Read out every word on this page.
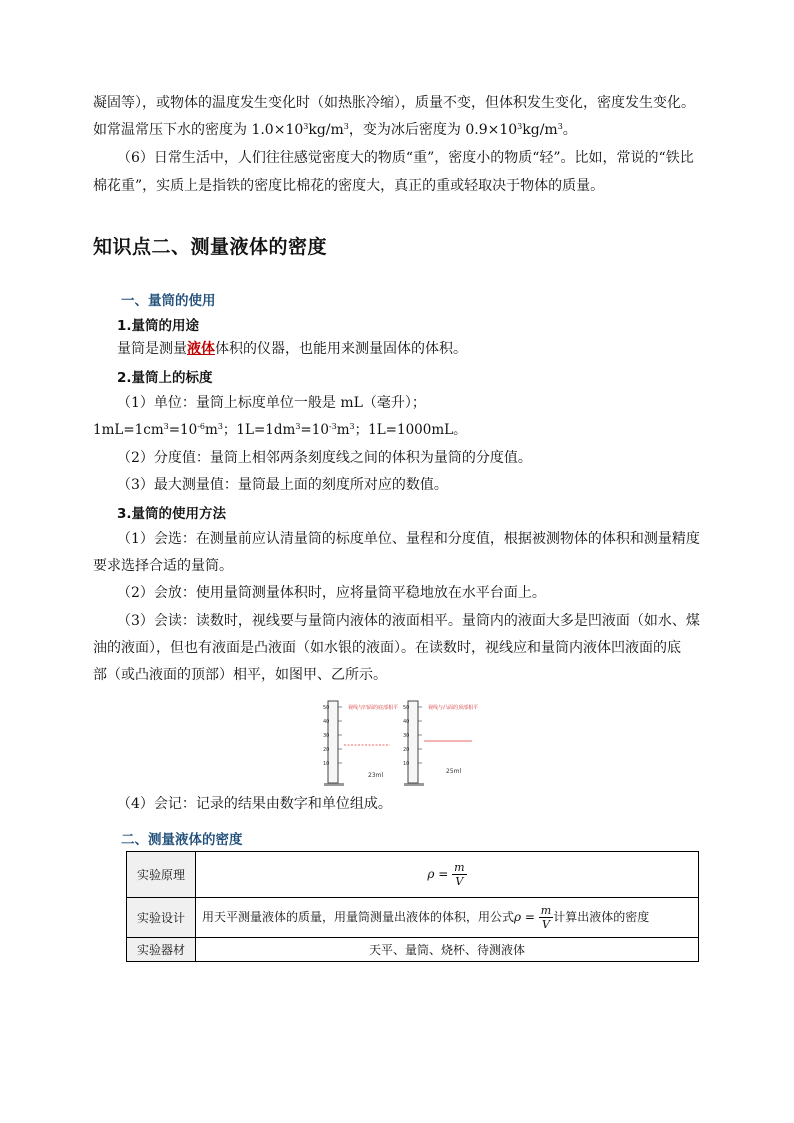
凝固等），或物体的温度发生变化时（如热胀冷缩），质量不变，但体积发生变化，密度发生变化。
如常温常压下水的密度为 $1.0\times 10^3kg/m^3$，变为冰后密度为 $0.9\times 10^3kg/m^3$。
（6）日常生活中，人们往往感觉密度大的物质“重”，密度小的物质“轻”。比如，常说的“铁比
棉花重”，实质上是指铁的密度比棉花的密度大，真正的重或轻取决于物体的质量。
知识点二、测量液体的密度
一、量筒的使用
1.量筒的用途
量筒是测量液体体积的仪器，也能用来测量固体的体积。
2.量筒上的标度
（1）单位：量筒上标度单位一般是 mL（毫升）；
$1mL=1cm^3=10^{-6}m^3$；$1L=1dm^3=10^{-3}m^3$；1L=1000mL。
（2）分度值：量筒上相邻两条刻度线之间的体积为量筒的分度值。
（3）最大测量值：量筒最上面的刻度所对应的数值。
3.量筒的使用方法
（1）会选：在测量前应认清量筒的标度单位、量程和分度值，根据被测物体的体积和测量精度
要求选择合适的量筒。
（2）会放：使用量筒测量体积时，应将量筒平稳地放在水平台面上。
（3）会读：读数时，视线要与量筒内液体的液面相平。量筒内的液面大多是凹液面（如水、煤
油的液面），但也有液面是凸液面（如水银的液面）。在读数时，视线应和量筒内液体凹液面的底
部（或凸液面的顶部）相平，如图甲、乙所示。
50
40
30
20
10
视线与凹面的底部相平
23ml
50
40
30
20
10
视线与凸面的顶部相平
25ml
（4）会记：记录的结果由数字和单位组成。
二、测量液体的密度
实验原理	$\rho = \frac{m}{V}$

实验设计	用天平测量液体的质量，用量筒测量出液体的体积，用公式$\rho = \frac{m}{V}$ 计算出液体的密度
实验器材	天平、量筒、烧杯、待测液体
